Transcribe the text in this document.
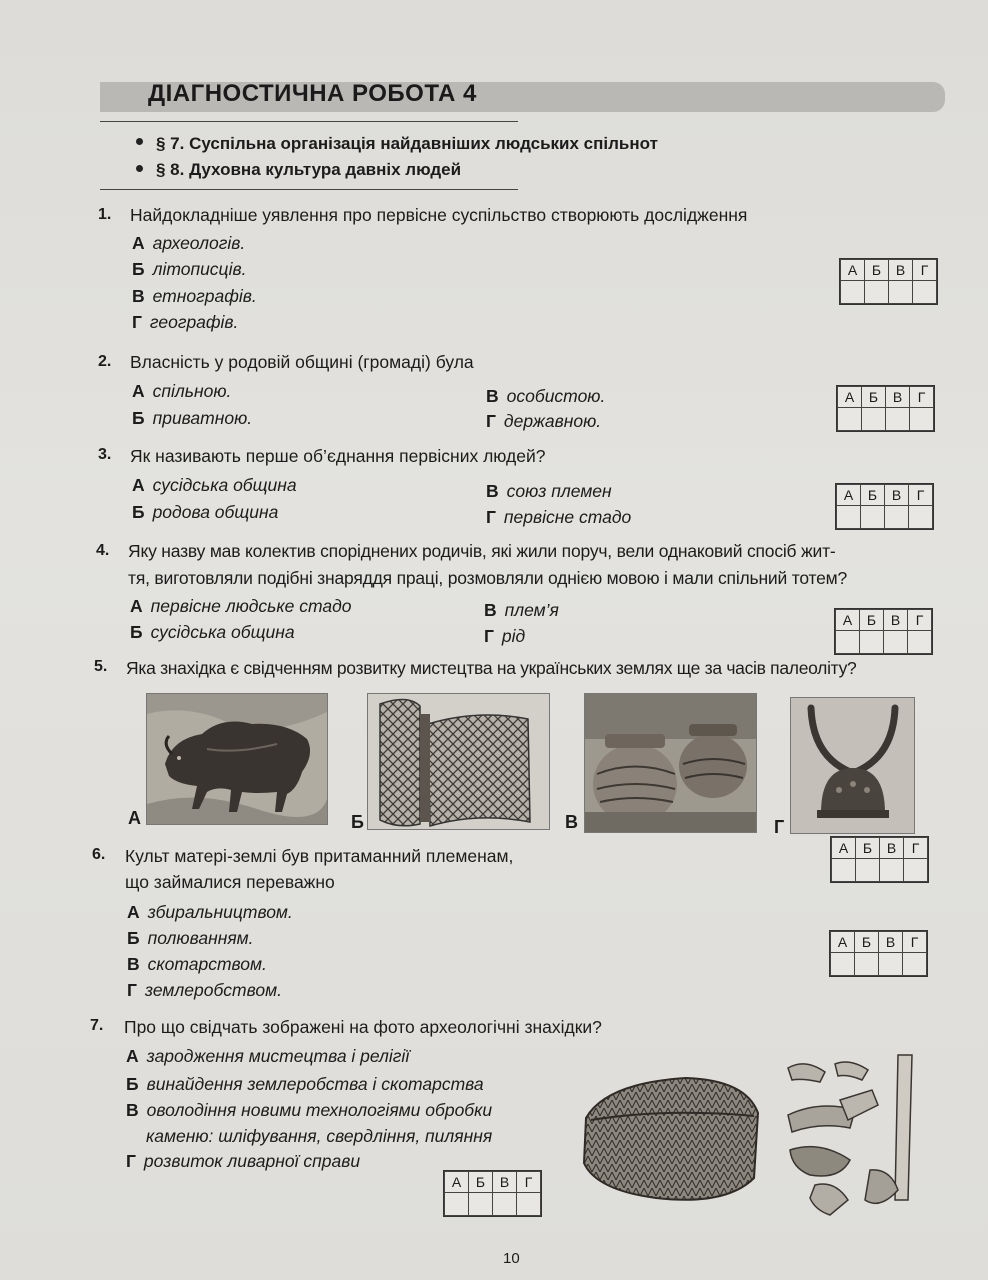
ДІАГНОСТИЧНА РОБОТА 4
§ 7. Суспільна організація найдавніших людських спільнот
§ 8. Духовна культура давніх людей
1. Найдокладніше уявлення про первісне суспільство створюють дослідження
А археологів.
Б літописців.
В етнографів.
Г географів.
А	Б	В	Г

2. Власність у родовій общині (громаді) була
А спільною.
Б приватною.
В особистою.
Г державною.
А	Б	В	Г

3. Як називають перше об’єднання первісних людей?
А сусідська община
Б родова община
В союз племен
Г первісне стадо
А	Б	В	Г

4. Яку назву мав колектив споріднених родичів, які жили поруч, вели однаковий спосіб жит-
тя, виготовляли подібні знаряддя праці, розмовляли однією мовою і мали спільний тотем?
А первісне людське стадо
Б сусідська община
В плем’я
Г рід
А	Б	В	Г

5. Яка знахідка є свідченням розвитку мистецтва на українських землях ще за часів палеоліту?
А	Б	В	Г
А	Б	В	Г

6. Культ матері-землі був притаманний племенам,
що займалися переважно
А збиральництвом.
Б полюванням.
В скотарством.
Г землеробством.
А	Б	В	Г

7. Про що свідчать зображені на фото археологічні знахідки?
А зародження мистецтва і релігії
Б винайдення землеробства і скотарства
В оволодіння новими технологіями обробки
каменю: шліфування, свердління, пиляння
Г розвиток ливарної справи
А	Б	В	Г

10
